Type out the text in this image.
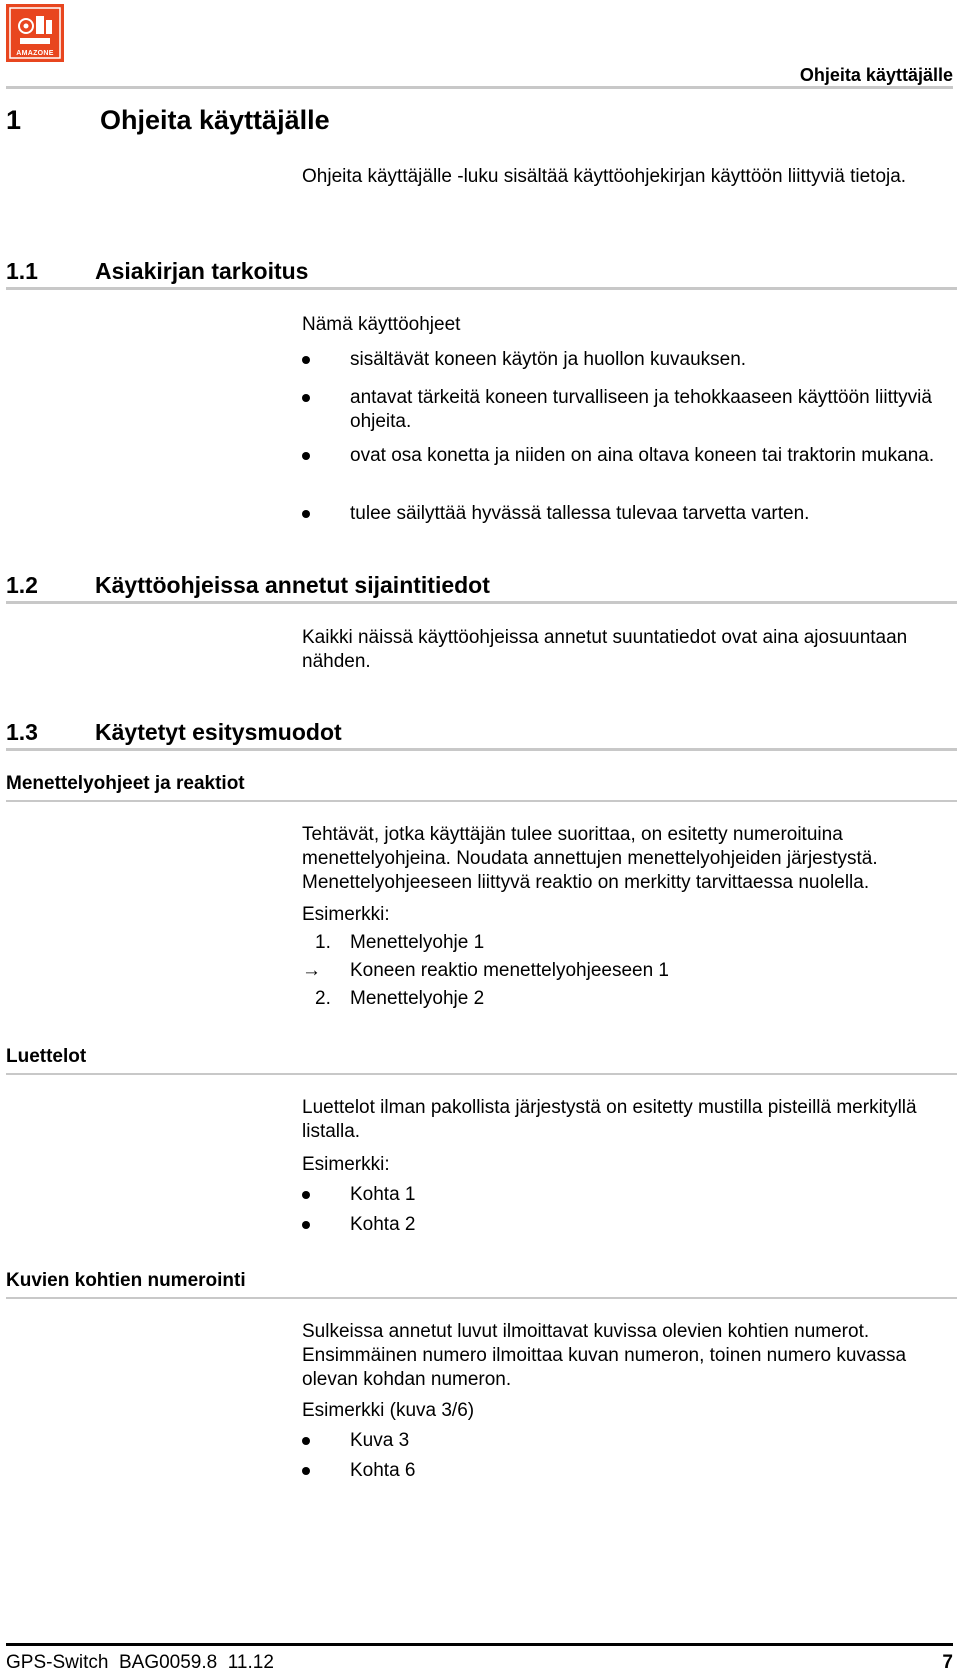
AMAZONE
Ohjeita käyttäjälle
1	Ohjeita käyttäjälle
Ohjeita käyttäjälle -luku sisältää käyttöohjekirjan käyttöön liittyviä tietoja.
1.1 Asiakirjan tarkoitus
Nämä käyttöohjeet
sisältävät koneen käytön ja huollon kuvauksen.
antavat tärkeitä koneen turvalliseen ja tehokkaaseen käyttöön liittyviä ohjeita.
ovat osa konetta ja niiden on aina oltava koneen tai traktorin mukana.
tulee säilyttää hyvässä tallessa tulevaa tarvetta varten.
1.2 Käyttöohjeissa annetut sijaintitiedot
Kaikki näissä käyttöohjeissa annetut suuntatiedot ovat aina ajosuuntaan nähden.
1.3 Käytetyt esitysmuodot
Menettelyohjeet ja reaktiot
Tehtävät, jotka käyttäjän tulee suorittaa, on esitetty numeroituina menettelyohjeina. Noudata annettujen menettelyohjeiden järjestystä. Menettelyohjeeseen liittyvä reaktio on merkitty tarvittaessa nuolella.
Esimerkki:
1. Menettelyohje 1
→ Koneen reaktio menettelyohjeeseen 1
2. Menettelyohje 2
Luettelot
Luettelot ilman pakollista järjestystä on esitetty mustilla pisteillä merkityllä listalla.
Esimerkki:
Kohta 1
Kohta 2
Kuvien kohtien numerointi
Sulkeissa annetut luvut ilmoittavat kuvissa olevien kohtien numerot. Ensimmäinen numero ilmoittaa kuvan numeron, toinen numero kuvassa olevan kohdan numeron.
Esimerkki (kuva 3/6)
Kuva 3
Kohta 6
GPS-Switch  BAG0059.8  11.12	7
